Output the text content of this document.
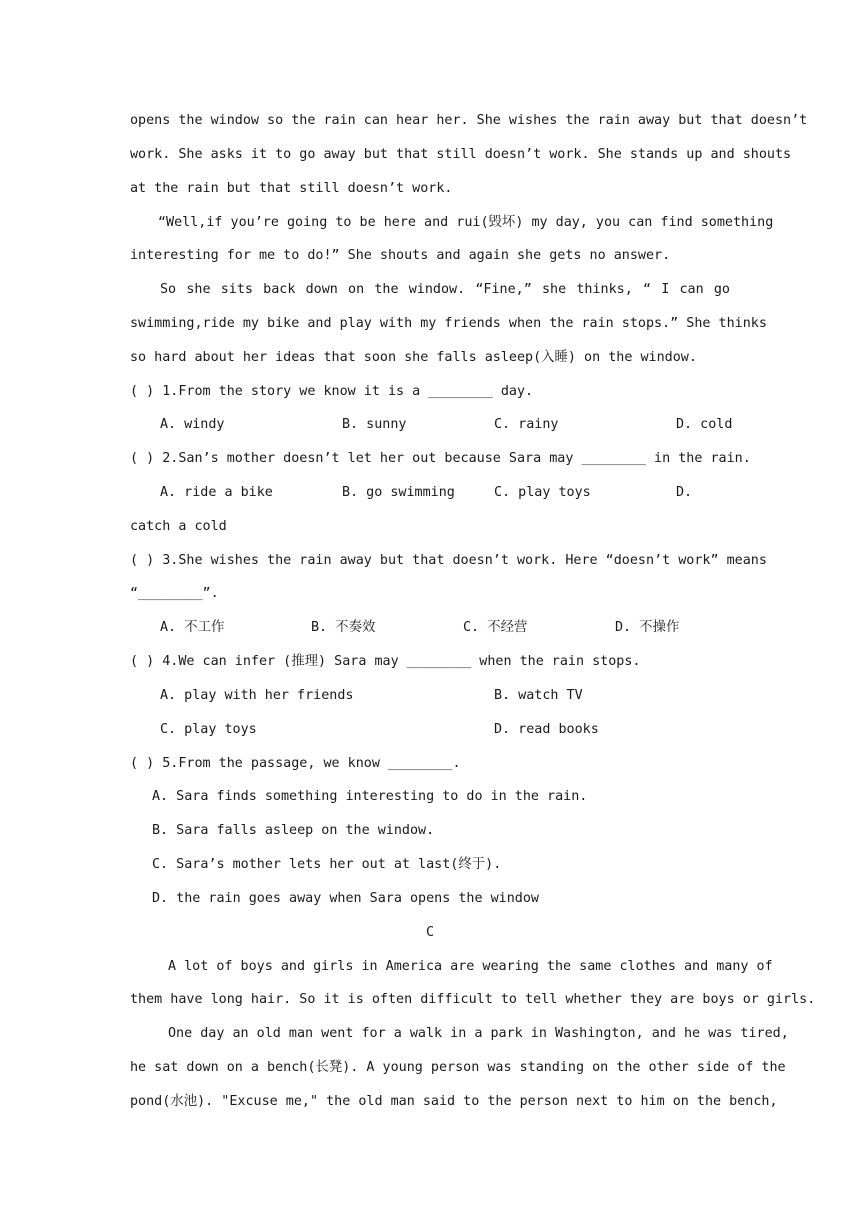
opens the window so the rain can hear her. She wishes the rain away but that doesn’t
work. She asks it to go away but that still doesn’t work. She stands up and shouts
at the rain but that still doesn’t work.
“Well,if you’re going to be here and rui(毁坏) my day, you can find something
interesting for me to do!” She shouts and again she gets no answer.
So she sits back down on the window. “Fine,” she thinks, “ I can go
swimming,ride my bike and play with my friends when the rain stops.” She thinks
so hard about her ideas that soon she falls asleep(入睡) on the window.
( ) 1.From the story we know it is a ________ day.
A. windy	B. sunny	C. rainy	D. cold
( ) 2.San’s mother doesn’t let her out because Sara may ________ in the rain.
A. ride a bike	B. go swimming	C. play toys	D.
catch a cold
( ) 3.She wishes the rain away but that doesn’t work. Here “doesn’t work” means
“________”.
A. 不工作	B. 不奏效	C. 不经营	D. 不操作
( ) 4.We can infer (推理) Sara may ________ when the rain stops.
A. play with her friends	B. watch TV
C. play toys	D. read books
( ) 5.From the passage, we know ________.
A. Sara finds something interesting to do in the rain.
B. Sara falls asleep on the window.
C. Sara’s mother lets her out at last(终于).
D. the rain goes away when Sara opens the window
C
A lot of boys and girls in America are wearing the same clothes and many of
them have long hair. So it is often difficult to tell whether they are boys or girls.
One day an old man went for a walk in a park in Washington, and he was tired,
he sat down on a bench(长凳). A young person was standing on the other side of the
pond(水池). "Excuse me," the old man said to the person next to him on the bench,
